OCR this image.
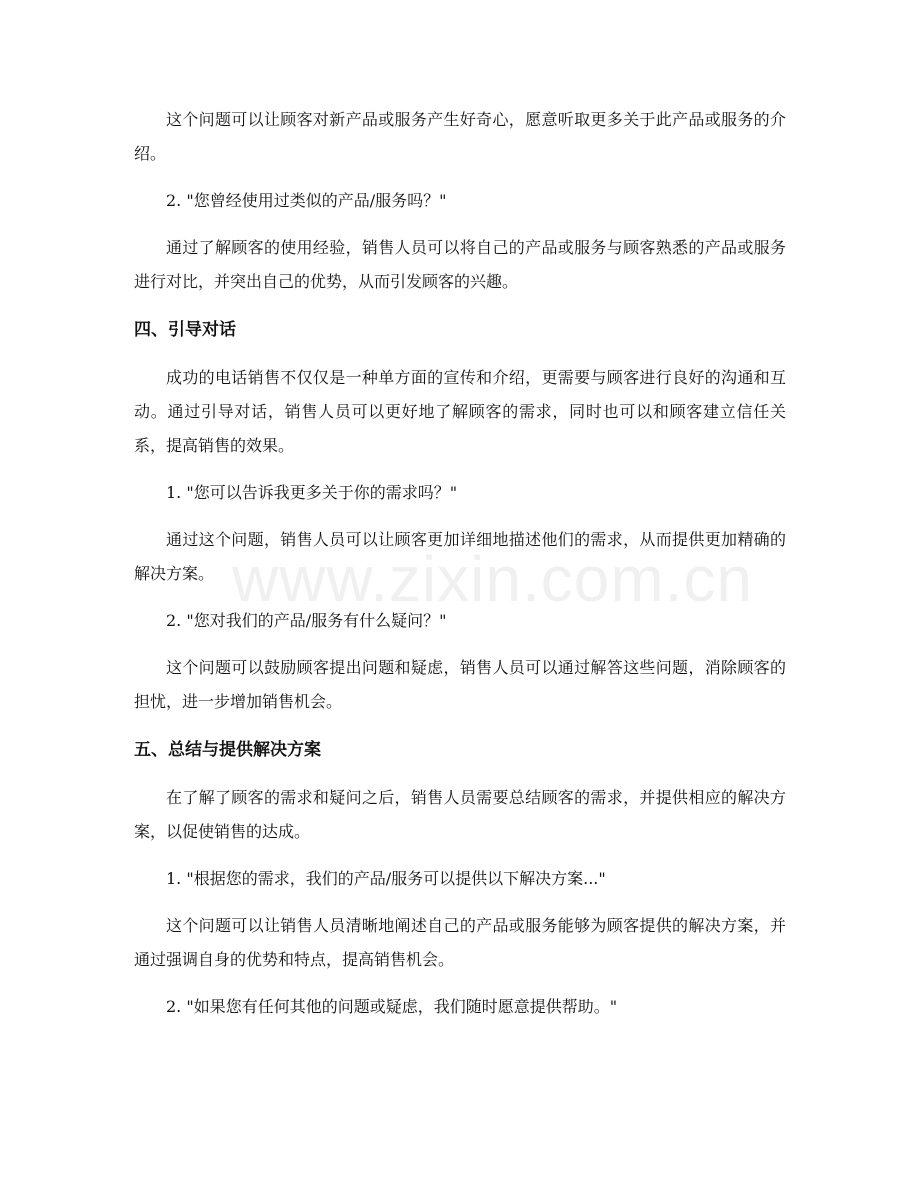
这个问题可以让顾客对新产品或服务产生好奇心，愿意听取更多关于此产品或服务的介绍。

2. "您曾经使用过类似的产品/服务吗？"

通过了解顾客的使用经验，销售人员可以将自己的产品或服务与顾客熟悉的产品或服务进行对比，并突出自己的优势，从而引发顾客的兴趣。

四、引导对话

成功的电话销售不仅仅是一种单方面的宣传和介绍，更需要与顾客进行良好的沟通和互动。通过引导对话，销售人员可以更好地了解顾客的需求，同时也可以和顾客建立信任关系，提高销售的效果。

1. "您可以告诉我更多关于你的需求吗？"

通过这个问题，销售人员可以让顾客更加详细地描述他们的需求，从而提供更加精确的解决方案。

2. "您对我们的产品/服务有什么疑问？"

这个问题可以鼓励顾客提出问题和疑虑，销售人员可以通过解答这些问题，消除顾客的担忧，进一步增加销售机会。

五、总结与提供解决方案

在了解了顾客的需求和疑问之后，销售人员需要总结顾客的需求，并提供相应的解决方案，以促使销售的达成。

1. "根据您的需求，我们的产品/服务可以提供以下解决方案..."

这个问题可以让销售人员清晰地阐述自己的产品或服务能够为顾客提供的解决方案，并通过强调自身的优势和特点，提高销售机会。

2. "如果您有任何其他的问题或疑虑，我们随时愿意提供帮助。"

www.zixin.com.cn
